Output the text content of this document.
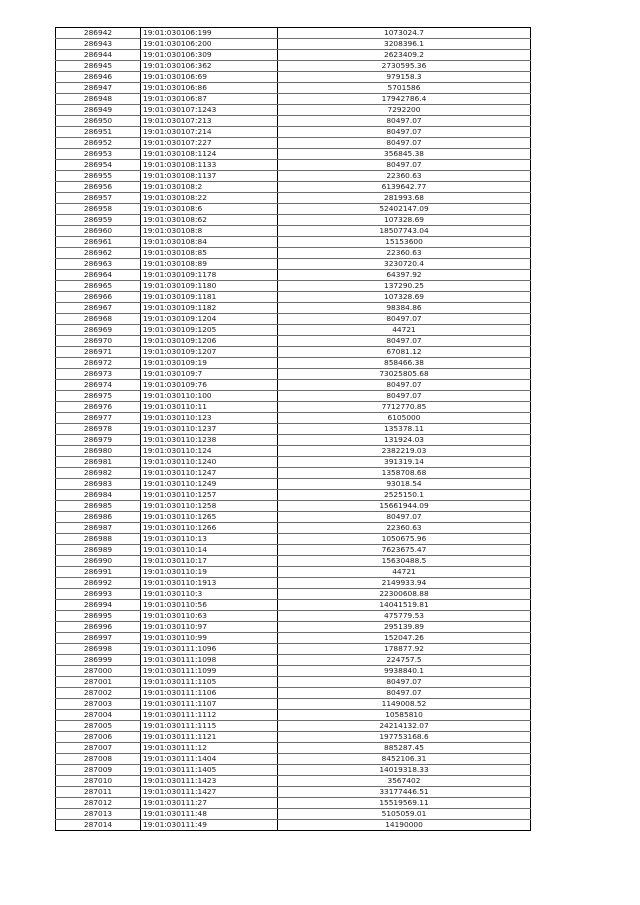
286942	19:01:030106:199	1073024.7
286943	19:01:030106:200	3208396.1
286944	19:01:030106:309	2623409.2
286945	19:01:030106:362	2730595.36
286946	19:01:030106:69	979158.3
286947	19:01:030106:86	5701586
286948	19:01:030106:87	17942786.4
286949	19:01:030107:1243	7292200
286950	19:01:030107:213	80497.07
286951	19:01:030107:214	80497.07
286952	19:01:030107:227	80497.07
286953	19:01:030108:1124	356845.38
286954	19:01:030108:1133	80497.07
286955	19:01:030108:1137	22360.63
286956	19:01:030108:2	6139642.77
286957	19:01:030108:22	281993.68
286958	19:01:030108:6	52402147.09
286959	19:01:030108:62	107328.69
286960	19:01:030108:8	18507743.04
286961	19:01:030108:84	15153600
286962	19:01:030108:85	22360.63
286963	19:01:030108:89	3230720.4
286964	19:01:030109:1178	64397.92
286965	19:01:030109:1180	137290.25
286966	19:01:030109:1181	107328.69
286967	19:01:030109:1182	98384.86
286968	19:01:030109:1204	80497.07
286969	19:01:030109:1205	44721
286970	19:01:030109:1206	80497.07
286971	19:01:030109:1207	67081.12
286972	19:01:030109:19	858466.38
286973	19:01:030109:7	73025805.68
286974	19:01:030109:76	80497.07
286975	19:01:030110:100	80497.07
286976	19:01:030110:11	7712770.85
286977	19:01:030110:123	6105000
286978	19:01:030110:1237	135378.11
286979	19:01:030110:1238	131924.03
286980	19:01:030110:124	2382219.03
286981	19:01:030110:1240	391319.14
286982	19:01:030110:1247	1358708.68
286983	19:01:030110:1249	93018.54
286984	19:01:030110:1257	2525150.1
286985	19:01:030110:1258	15661944.09
286986	19:01:030110:1265	80497.07
286987	19:01:030110:1266	22360.63
286988	19:01:030110:13	1050675.96
286989	19:01:030110:14	7623675.47
286990	19:01:030110:17	15630488.5
286991	19:01:030110:19	44721
286992	19:01:030110:1913	2149933.94
286993	19:01:030110:3	22300608.88
286994	19:01:030110:56	14041519.81
286995	19:01:030110:63	475779.53
286996	19:01:030110:97	295139.89
286997	19:01:030110:99	152047.26
286998	19:01:030111:1096	178877.92
286999	19:01:030111:1098	224757.5
287000	19:01:030111:1099	9938840.1
287001	19:01:030111:1105	80497.07
287002	19:01:030111:1106	80497.07
287003	19:01:030111:1107	1149008.52
287004	19:01:030111:1112	10585810
287005	19:01:030111:1115	24214132.07
287006	19:01:030111:1121	197753168.6
287007	19:01:030111:12	885287.45
287008	19:01:030111:1404	8452106.31
287009	19:01:030111:1405	14019318.33
287010	19:01:030111:1423	3567402
287011	19:01:030111:1427	33177446.51
287012	19:01:030111:27	15519569.11
287013	19:01:030111:48	5105059.01
287014	19:01:030111:49	14190000
